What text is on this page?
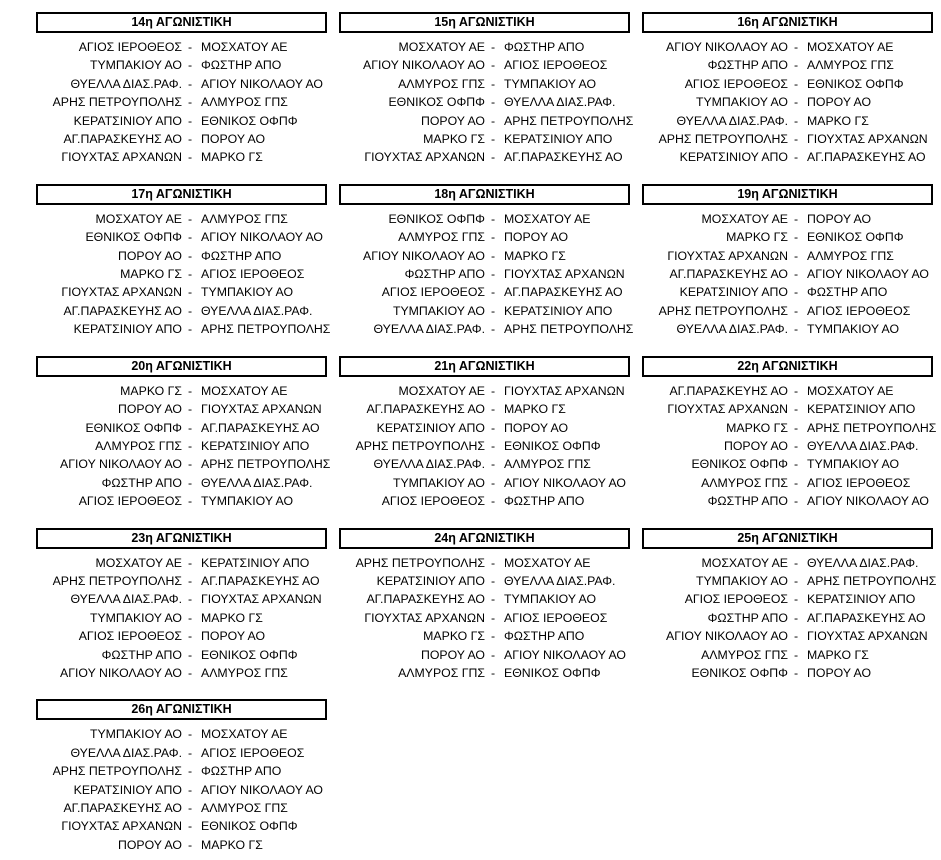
14η ΑΓΩΝΙΣΤΙΚΗ
ΑΓΙΟΣ ΙΕΡΟΘΕΟΣ - ΜΟΣΧΑΤΟΥ ΑΕ
ΤΥΜΠΑΚΙΟΥ ΑΟ - ΦΩΣΤΗΡ ΑΠΟ
ΘΥΕΛΛΑ ΔΙΑΣ.ΡΑΦ. - ΑΓΙΟΥ ΝΙΚΟΛΑΟΥ ΑΟ
ΑΡΗΣ ΠΕΤΡΟΥΠΟΛΗΣ - ΑΛΜΥΡΟΣ ΓΠΣ
ΚΕΡΑΤΣΙΝΙΟΥ ΑΠΟ - ΕΘΝΙΚΟΣ ΟΦΠΦ
ΑΓ.ΠΑΡΑΣΚΕΥΗΣ ΑΟ - ΠΟΡΟΥ ΑΟ
ΓΙΟΥΧΤΑΣ ΑΡΧΑΝΩΝ - ΜΑΡΚΟ ΓΣ
15η ΑΓΩΝΙΣΤΙΚΗ
ΜΟΣΧΑΤΟΥ ΑΕ - ΦΩΣΤΗΡ ΑΠΟ
ΑΓΙΟΥ ΝΙΚΟΛΑΟΥ ΑΟ - ΑΓΙΟΣ ΙΕΡΟΘΕΟΣ
ΑΛΜΥΡΟΣ ΓΠΣ - ΤΥΜΠΑΚΙΟΥ ΑΟ
ΕΘΝΙΚΟΣ ΟΦΠΦ - ΘΥΕΛΛΑ ΔΙΑΣ.ΡΑΦ.
ΠΟΡΟΥ ΑΟ - ΑΡΗΣ ΠΕΤΡΟΥΠΟΛΗΣ
ΜΑΡΚΟ ΓΣ - ΚΕΡΑΤΣΙΝΙΟΥ ΑΠΟ
ΓΙΟΥΧΤΑΣ ΑΡΧΑΝΩΝ - ΑΓ.ΠΑΡΑΣΚΕΥΗΣ ΑΟ
16η ΑΓΩΝΙΣΤΙΚΗ
ΑΓΙΟΥ ΝΙΚΟΛΑΟΥ ΑΟ - ΜΟΣΧΑΤΟΥ ΑΕ
ΦΩΣΤΗΡ ΑΠΟ - ΑΛΜΥΡΟΣ ΓΠΣ
ΑΓΙΟΣ ΙΕΡΟΘΕΟΣ - ΕΘΝΙΚΟΣ ΟΦΠΦ
ΤΥΜΠΑΚΙΟΥ ΑΟ - ΠΟΡΟΥ ΑΟ
ΘΥΕΛΛΑ ΔΙΑΣ.ΡΑΦ. - ΜΑΡΚΟ ΓΣ
ΑΡΗΣ ΠΕΤΡΟΥΠΟΛΗΣ - ΓΙΟΥΧΤΑΣ ΑΡΧΑΝΩΝ
ΚΕΡΑΤΣΙΝΙΟΥ ΑΠΟ - ΑΓ.ΠΑΡΑΣΚΕΥΗΣ ΑΟ
17η ΑΓΩΝΙΣΤΙΚΗ
ΜΟΣΧΑΤΟΥ ΑΕ - ΑΛΜΥΡΟΣ ΓΠΣ
ΕΘΝΙΚΟΣ ΟΦΠΦ - ΑΓΙΟΥ ΝΙΚΟΛΑΟΥ ΑΟ
ΠΟΡΟΥ ΑΟ - ΦΩΣΤΗΡ ΑΠΟ
ΜΑΡΚΟ ΓΣ - ΑΓΙΟΣ ΙΕΡΟΘΕΟΣ
ΓΙΟΥΧΤΑΣ ΑΡΧΑΝΩΝ - ΤΥΜΠΑΚΙΟΥ ΑΟ
ΑΓ.ΠΑΡΑΣΚΕΥΗΣ ΑΟ - ΘΥΕΛΛΑ ΔΙΑΣ.ΡΑΦ.
ΚΕΡΑΤΣΙΝΙΟΥ ΑΠΟ - ΑΡΗΣ ΠΕΤΡΟΥΠΟΛΗΣ
18η ΑΓΩΝΙΣΤΙΚΗ
ΕΘΝΙΚΟΣ ΟΦΠΦ - ΜΟΣΧΑΤΟΥ ΑΕ
ΑΛΜΥΡΟΣ ΓΠΣ - ΠΟΡΟΥ ΑΟ
ΑΓΙΟΥ ΝΙΚΟΛΑΟΥ ΑΟ - ΜΑΡΚΟ ΓΣ
ΦΩΣΤΗΡ ΑΠΟ - ΓΙΟΥΧΤΑΣ ΑΡΧΑΝΩΝ
ΑΓΙΟΣ ΙΕΡΟΘΕΟΣ - ΑΓ.ΠΑΡΑΣΚΕΥΗΣ ΑΟ
ΤΥΜΠΑΚΙΟΥ ΑΟ - ΚΕΡΑΤΣΙΝΙΟΥ ΑΠΟ
ΘΥΕΛΛΑ ΔΙΑΣ.ΡΑΦ. - ΑΡΗΣ ΠΕΤΡΟΥΠΟΛΗΣ
19η ΑΓΩΝΙΣΤΙΚΗ
ΜΟΣΧΑΤΟΥ ΑΕ - ΠΟΡΟΥ ΑΟ
ΜΑΡΚΟ ΓΣ - ΕΘΝΙΚΟΣ ΟΦΠΦ
ΓΙΟΥΧΤΑΣ ΑΡΧΑΝΩΝ - ΑΛΜΥΡΟΣ ΓΠΣ
ΑΓ.ΠΑΡΑΣΚΕΥΗΣ ΑΟ - ΑΓΙΟΥ ΝΙΚΟΛΑΟΥ ΑΟ
ΚΕΡΑΤΣΙΝΙΟΥ ΑΠΟ - ΦΩΣΤΗΡ ΑΠΟ
ΑΡΗΣ ΠΕΤΡΟΥΠΟΛΗΣ - ΑΓΙΟΣ ΙΕΡΟΘΕΟΣ
ΘΥΕΛΛΑ ΔΙΑΣ.ΡΑΦ. - ΤΥΜΠΑΚΙΟΥ ΑΟ
20η ΑΓΩΝΙΣΤΙΚΗ
ΜΑΡΚΟ ΓΣ - ΜΟΣΧΑΤΟΥ ΑΕ
ΠΟΡΟΥ ΑΟ - ΓΙΟΥΧΤΑΣ ΑΡΧΑΝΩΝ
ΕΘΝΙΚΟΣ ΟΦΠΦ - ΑΓ.ΠΑΡΑΣΚΕΥΗΣ ΑΟ
ΑΛΜΥΡΟΣ ΓΠΣ - ΚΕΡΑΤΣΙΝΙΟΥ ΑΠΟ
ΑΓΙΟΥ ΝΙΚΟΛΑΟΥ ΑΟ - ΑΡΗΣ ΠΕΤΡΟΥΠΟΛΗΣ
ΦΩΣΤΗΡ ΑΠΟ - ΘΥΕΛΛΑ ΔΙΑΣ.ΡΑΦ.
ΑΓΙΟΣ ΙΕΡΟΘΕΟΣ - ΤΥΜΠΑΚΙΟΥ ΑΟ
21η ΑΓΩΝΙΣΤΙΚΗ
ΜΟΣΧΑΤΟΥ ΑΕ - ΓΙΟΥΧΤΑΣ ΑΡΧΑΝΩΝ
ΑΓ.ΠΑΡΑΣΚΕΥΗΣ ΑΟ - ΜΑΡΚΟ ΓΣ
ΚΕΡΑΤΣΙΝΙΟΥ ΑΠΟ - ΠΟΡΟΥ ΑΟ
ΑΡΗΣ ΠΕΤΡΟΥΠΟΛΗΣ - ΕΘΝΙΚΟΣ ΟΦΠΦ
ΘΥΕΛΛΑ ΔΙΑΣ.ΡΑΦ. - ΑΛΜΥΡΟΣ ΓΠΣ
ΤΥΜΠΑΚΙΟΥ ΑΟ - ΑΓΙΟΥ ΝΙΚΟΛΑΟΥ ΑΟ
ΑΓΙΟΣ ΙΕΡΟΘΕΟΣ - ΦΩΣΤΗΡ ΑΠΟ
22η ΑΓΩΝΙΣΤΙΚΗ
ΑΓ.ΠΑΡΑΣΚΕΥΗΣ ΑΟ - ΜΟΣΧΑΤΟΥ ΑΕ
ΓΙΟΥΧΤΑΣ ΑΡΧΑΝΩΝ - ΚΕΡΑΤΣΙΝΙΟΥ ΑΠΟ
ΜΑΡΚΟ ΓΣ - ΑΡΗΣ ΠΕΤΡΟΥΠΟΛΗΣ
ΠΟΡΟΥ ΑΟ - ΘΥΕΛΛΑ ΔΙΑΣ.ΡΑΦ.
ΕΘΝΙΚΟΣ ΟΦΠΦ - ΤΥΜΠΑΚΙΟΥ ΑΟ
ΑΛΜΥΡΟΣ ΓΠΣ - ΑΓΙΟΣ ΙΕΡΟΘΕΟΣ
ΦΩΣΤΗΡ ΑΠΟ - ΑΓΙΟΥ ΝΙΚΟΛΑΟΥ ΑΟ
23η ΑΓΩΝΙΣΤΙΚΗ
ΜΟΣΧΑΤΟΥ ΑΕ - ΚΕΡΑΤΣΙΝΙΟΥ ΑΠΟ
ΑΡΗΣ ΠΕΤΡΟΥΠΟΛΗΣ - ΑΓ.ΠΑΡΑΣΚΕΥΗΣ ΑΟ
ΘΥΕΛΛΑ ΔΙΑΣ.ΡΑΦ. - ΓΙΟΥΧΤΑΣ ΑΡΧΑΝΩΝ
ΤΥΜΠΑΚΙΟΥ ΑΟ - ΜΑΡΚΟ ΓΣ
ΑΓΙΟΣ ΙΕΡΟΘΕΟΣ - ΠΟΡΟΥ ΑΟ
ΦΩΣΤΗΡ ΑΠΟ - ΕΘΝΙΚΟΣ ΟΦΠΦ
ΑΓΙΟΥ ΝΙΚΟΛΑΟΥ ΑΟ - ΑΛΜΥΡΟΣ ΓΠΣ
24η ΑΓΩΝΙΣΤΙΚΗ
ΑΡΗΣ ΠΕΤΡΟΥΠΟΛΗΣ - ΜΟΣΧΑΤΟΥ ΑΕ
ΚΕΡΑΤΣΙΝΙΟΥ ΑΠΟ - ΘΥΕΛΛΑ ΔΙΑΣ.ΡΑΦ.
ΑΓ.ΠΑΡΑΣΚΕΥΗΣ ΑΟ - ΤΥΜΠΑΚΙΟΥ ΑΟ
ΓΙΟΥΧΤΑΣ ΑΡΧΑΝΩΝ - ΑΓΙΟΣ ΙΕΡΟΘΕΟΣ
ΜΑΡΚΟ ΓΣ - ΦΩΣΤΗΡ ΑΠΟ
ΠΟΡΟΥ ΑΟ - ΑΓΙΟΥ ΝΙΚΟΛΑΟΥ ΑΟ
ΑΛΜΥΡΟΣ ΓΠΣ - ΕΘΝΙΚΟΣ ΟΦΠΦ
25η ΑΓΩΝΙΣΤΙΚΗ
ΜΟΣΧΑΤΟΥ ΑΕ - ΘΥΕΛΛΑ ΔΙΑΣ.ΡΑΦ.
ΤΥΜΠΑΚΙΟΥ ΑΟ - ΑΡΗΣ ΠΕΤΡΟΥΠΟΛΗΣ
ΑΓΙΟΣ ΙΕΡΟΘΕΟΣ - ΚΕΡΑΤΣΙΝΙΟΥ ΑΠΟ
ΦΩΣΤΗΡ ΑΠΟ - ΑΓ.ΠΑΡΑΣΚΕΥΗΣ ΑΟ
ΑΓΙΟΥ ΝΙΚΟΛΑΟΥ ΑΟ - ΓΙΟΥΧΤΑΣ ΑΡΧΑΝΩΝ
ΑΛΜΥΡΟΣ ΓΠΣ - ΜΑΡΚΟ ΓΣ
ΕΘΝΙΚΟΣ ΟΦΠΦ - ΠΟΡΟΥ ΑΟ
26η ΑΓΩΝΙΣΤΙΚΗ
ΤΥΜΠΑΚΙΟΥ ΑΟ - ΜΟΣΧΑΤΟΥ ΑΕ
ΘΥΕΛΛΑ ΔΙΑΣ.ΡΑΦ. - ΑΓΙΟΣ ΙΕΡΟΘΕΟΣ
ΑΡΗΣ ΠΕΤΡΟΥΠΟΛΗΣ - ΦΩΣΤΗΡ ΑΠΟ
ΚΕΡΑΤΣΙΝΙΟΥ ΑΠΟ - ΑΓΙΟΥ ΝΙΚΟΛΑΟΥ ΑΟ
ΑΓ.ΠΑΡΑΣΚΕΥΗΣ ΑΟ - ΑΛΜΥΡΟΣ ΓΠΣ
ΓΙΟΥΧΤΑΣ ΑΡΧΑΝΩΝ - ΕΘΝΙΚΟΣ ΟΦΠΦ
ΠΟΡΟΥ ΑΟ - ΜΑΡΚΟ ΓΣ
